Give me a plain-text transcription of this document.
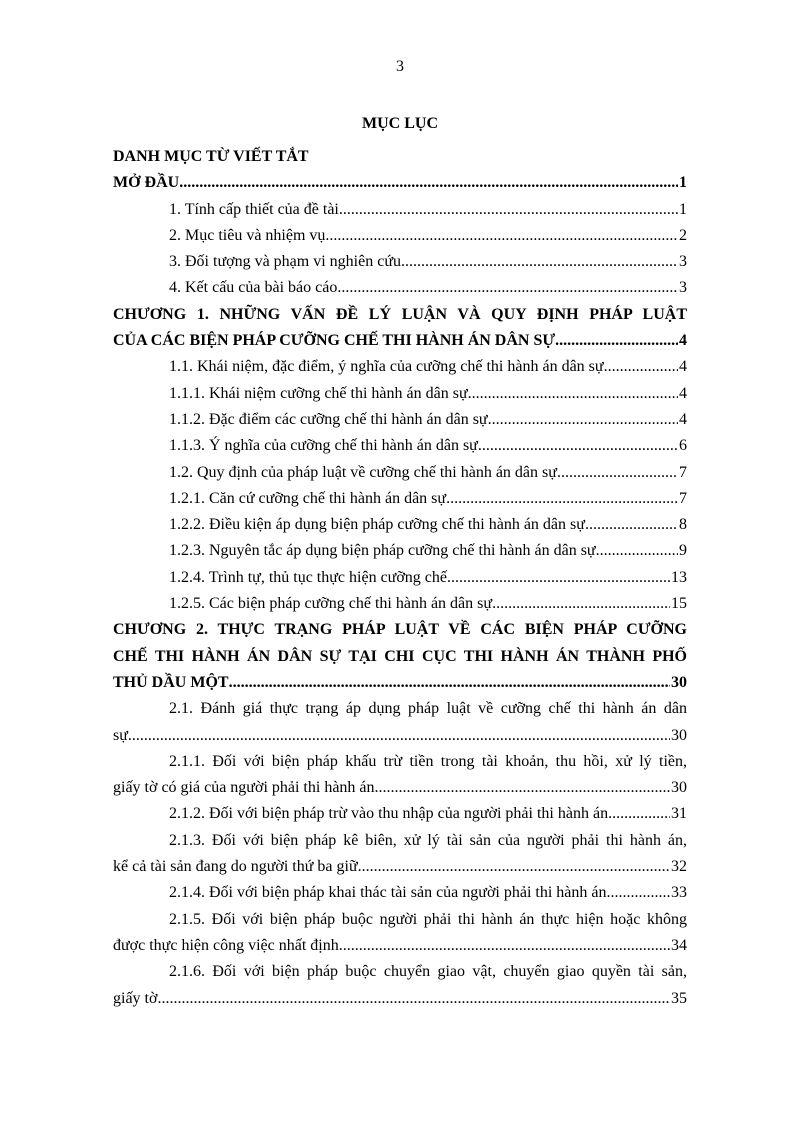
3
MỤC LỤC
DANH MỤC TỪ VIẾT TẮT
MỞ ĐẦU .....	1
1. Tính cấp thiết của đề tài .....	1
2. Mục tiêu và nhiệm vụ .....	2
3. Đối tượng và phạm vi nghiên cứu .....	3
4. Kết cấu của bài báo cáo .....	3
CHƯƠNG 1. NHỮNG VẤN ĐỀ LÝ LUẬN VÀ QUY ĐỊNH PHÁP LUẬT
CỦA CÁC BIỆN PHÁP CƯỠNG CHẾ THI HÀNH ÁN DÂN SỰ .....	4
1.1. Khái niệm, đặc điểm, ý nghĩa của cưỡng chế thi hành án dân sự .....	4
1.1.1. Khái niệm cưỡng chế thi hành án dân sự .....	4
1.1.2. Đặc điểm các cưỡng chế thi hành án dân sự .....	4
1.1.3. Ý nghĩa của cưỡng chế thi hành án dân sự .....	6
1.2. Quy định của pháp luật về cưỡng chế thi hành án dân sự .....	7
1.2.1. Căn cứ cưỡng chế thi hành án dân sự .....	7
1.2.2. Điều kiện áp dụng biện pháp cưỡng chế thi hành án dân sự .....	8
1.2.3. Nguyên tắc áp dụng biện pháp cưỡng chế thi hành án dân sự .....	9
1.2.4. Trình tự, thủ tục thực hiện cưỡng chế .....	13
1.2.5. Các biện pháp cưỡng chế thi hành án dân sự .....	15
CHƯƠNG 2. THỰC TRẠNG PHÁP LUẬT VỀ CÁC BIỆN PHÁP CƯỠNG
CHẾ THI HÀNH ÁN DÂN SỰ TẠI CHI CỤC THI HÀNH ÁN THÀNH PHỐ
THỦ DẦU MỘT .....	30
2.1. Đánh giá thực trạng áp dụng pháp luật về cưỡng chế thi hành án dân
sự .....	30
2.1.1. Đối với biện pháp khấu trừ tiền trong tài khoản, thu hồi, xử lý tiền,
giấy tờ có giá của người phải thi hành án .....	30
2.1.2. Đối với biện pháp trừ vào thu nhập của người phải thi hành án .....	31
2.1.3. Đối với biện pháp kê biên, xử lý tài sản của người phải thi hành án,
kể cả tài sản đang do người thứ ba giữ .....	32
2.1.4. Đối với biện pháp khai thác tài sản của người phải thi hành án .....	33
2.1.5. Đối với biện pháp buộc người phải thi hành án thực hiện hoặc không
được thực hiện công việc nhất định .....	34
2.1.6. Đối với biện pháp buộc chuyển giao vật, chuyển giao quyền tài sản,
giấy tờ .....	35
